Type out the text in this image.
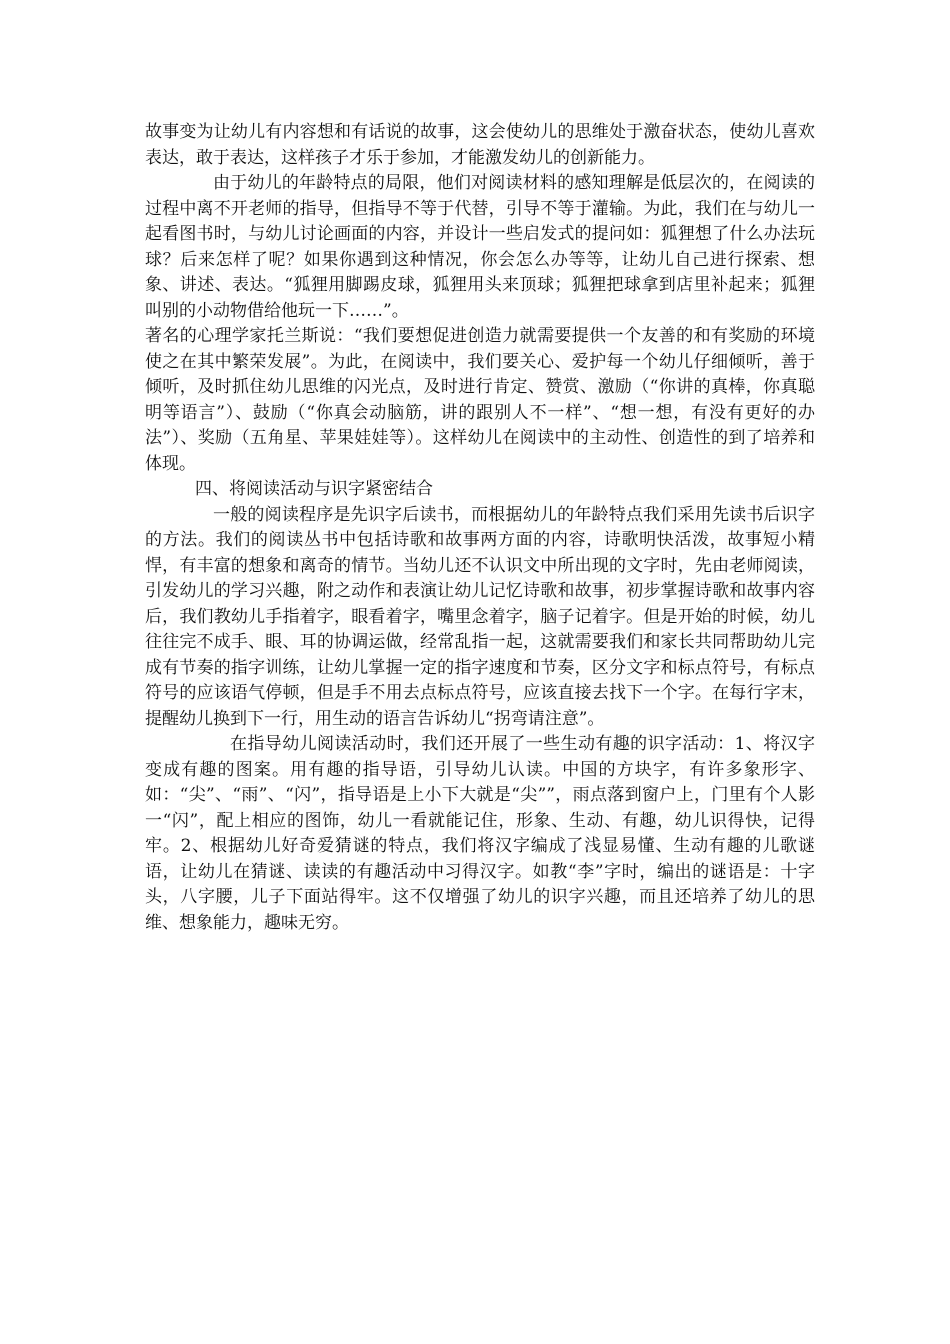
故事变为让幼儿有内容想和有话说的故事，这会使幼儿的思维处于激奋状态，使幼儿喜欢表达，敢于表达，这样孩子才乐于参加，才能激发幼儿的创新能力。

由于幼儿的年龄特点的局限，他们对阅读材料的感知理解是低层次的，在阅读的过程中离不开老师的指导，但指导不等于代替，引导不等于灌输。为此，我们在与幼儿一起看图书时，与幼儿讨论画面的内容，并设计一些启发式的提问如：狐狸想了什么办法玩球？后来怎样了呢？如果你遇到这种情况，你会怎么办等等，让幼儿自己进行探索、想象、讲述、表达。“狐狸用脚踢皮球，狐狸用头来顶球；狐狸把球拿到店里补起来；狐狸叫别的小动物借给他玩一下……”。

著名的心理学家托兰斯说：“我们要想促进创造力就需要提供一个友善的和有奖励的环境使之在其中繁荣发展”。为此，在阅读中，我们要关心、爱护每一个幼儿仔细倾听，善于倾听，及时抓住幼儿思维的闪光点，及时进行肯定、赞赏、激励（“你讲的真棒，你真聪明等语言”）、鼓励（“你真会动脑筋，讲的跟别人不一样”、“想一想，有没有更好的办法”）、奖励（五角星、苹果娃娃等）。这样幼儿在阅读中的主动性、创造性的到了培养和体现。

四、将阅读活动与识字紧密结合

一般的阅读程序是先识字后读书，而根据幼儿的年龄特点我们采用先读书后识字的方法。我们的阅读丛书中包括诗歌和故事两方面的内容，诗歌明快活泼，故事短小精悍，有丰富的想象和离奇的情节。当幼儿还不认识文中所出现的文字时，先由老师阅读，引发幼儿的学习兴趣，附之动作和表演让幼儿记忆诗歌和故事，初步掌握诗歌和故事内容后，我们教幼儿手指着字，眼看着字，嘴里念着字，脑子记着字。但是开始的时候，幼儿往往完不成手、眼、耳的协调运做，经常乱指一起，这就需要我们和家长共同帮助幼儿完成有节奏的指字训练，让幼儿掌握一定的指字速度和节奏，区分文字和标点符号，有标点符号的应该语气停顿，但是手不用去点标点符号，应该直接去找下一个字。在每行字末，提醒幼儿换到下一行，用生动的语言告诉幼儿“拐弯请注意”。

在指导幼儿阅读活动时，我们还开展了一些生动有趣的识字活动：1、将汉字变成有趣的图案。用有趣的指导语，引导幼儿认读。中国的方块字，有许多象形字、如：“尖”、“雨”、“闪”，指导语是上小下大就是“尖””，雨点落到窗户上，门里有个人影一“闪”，配上相应的图饰，幼儿一看就能记住，形象、生动、有趣，幼儿识得快，记得牢。2、根据幼儿好奇爱猜谜的特点，我们将汉字编成了浅显易懂、生动有趣的儿歌谜语，让幼儿在猜谜、读读的有趣活动中习得汉字。如教“李”字时，编出的谜语是：十字头，八字腰，儿子下面站得牢。这不仅增强了幼儿的识字兴趣，而且还培养了幼儿的思维、想象能力，趣味无穷。
